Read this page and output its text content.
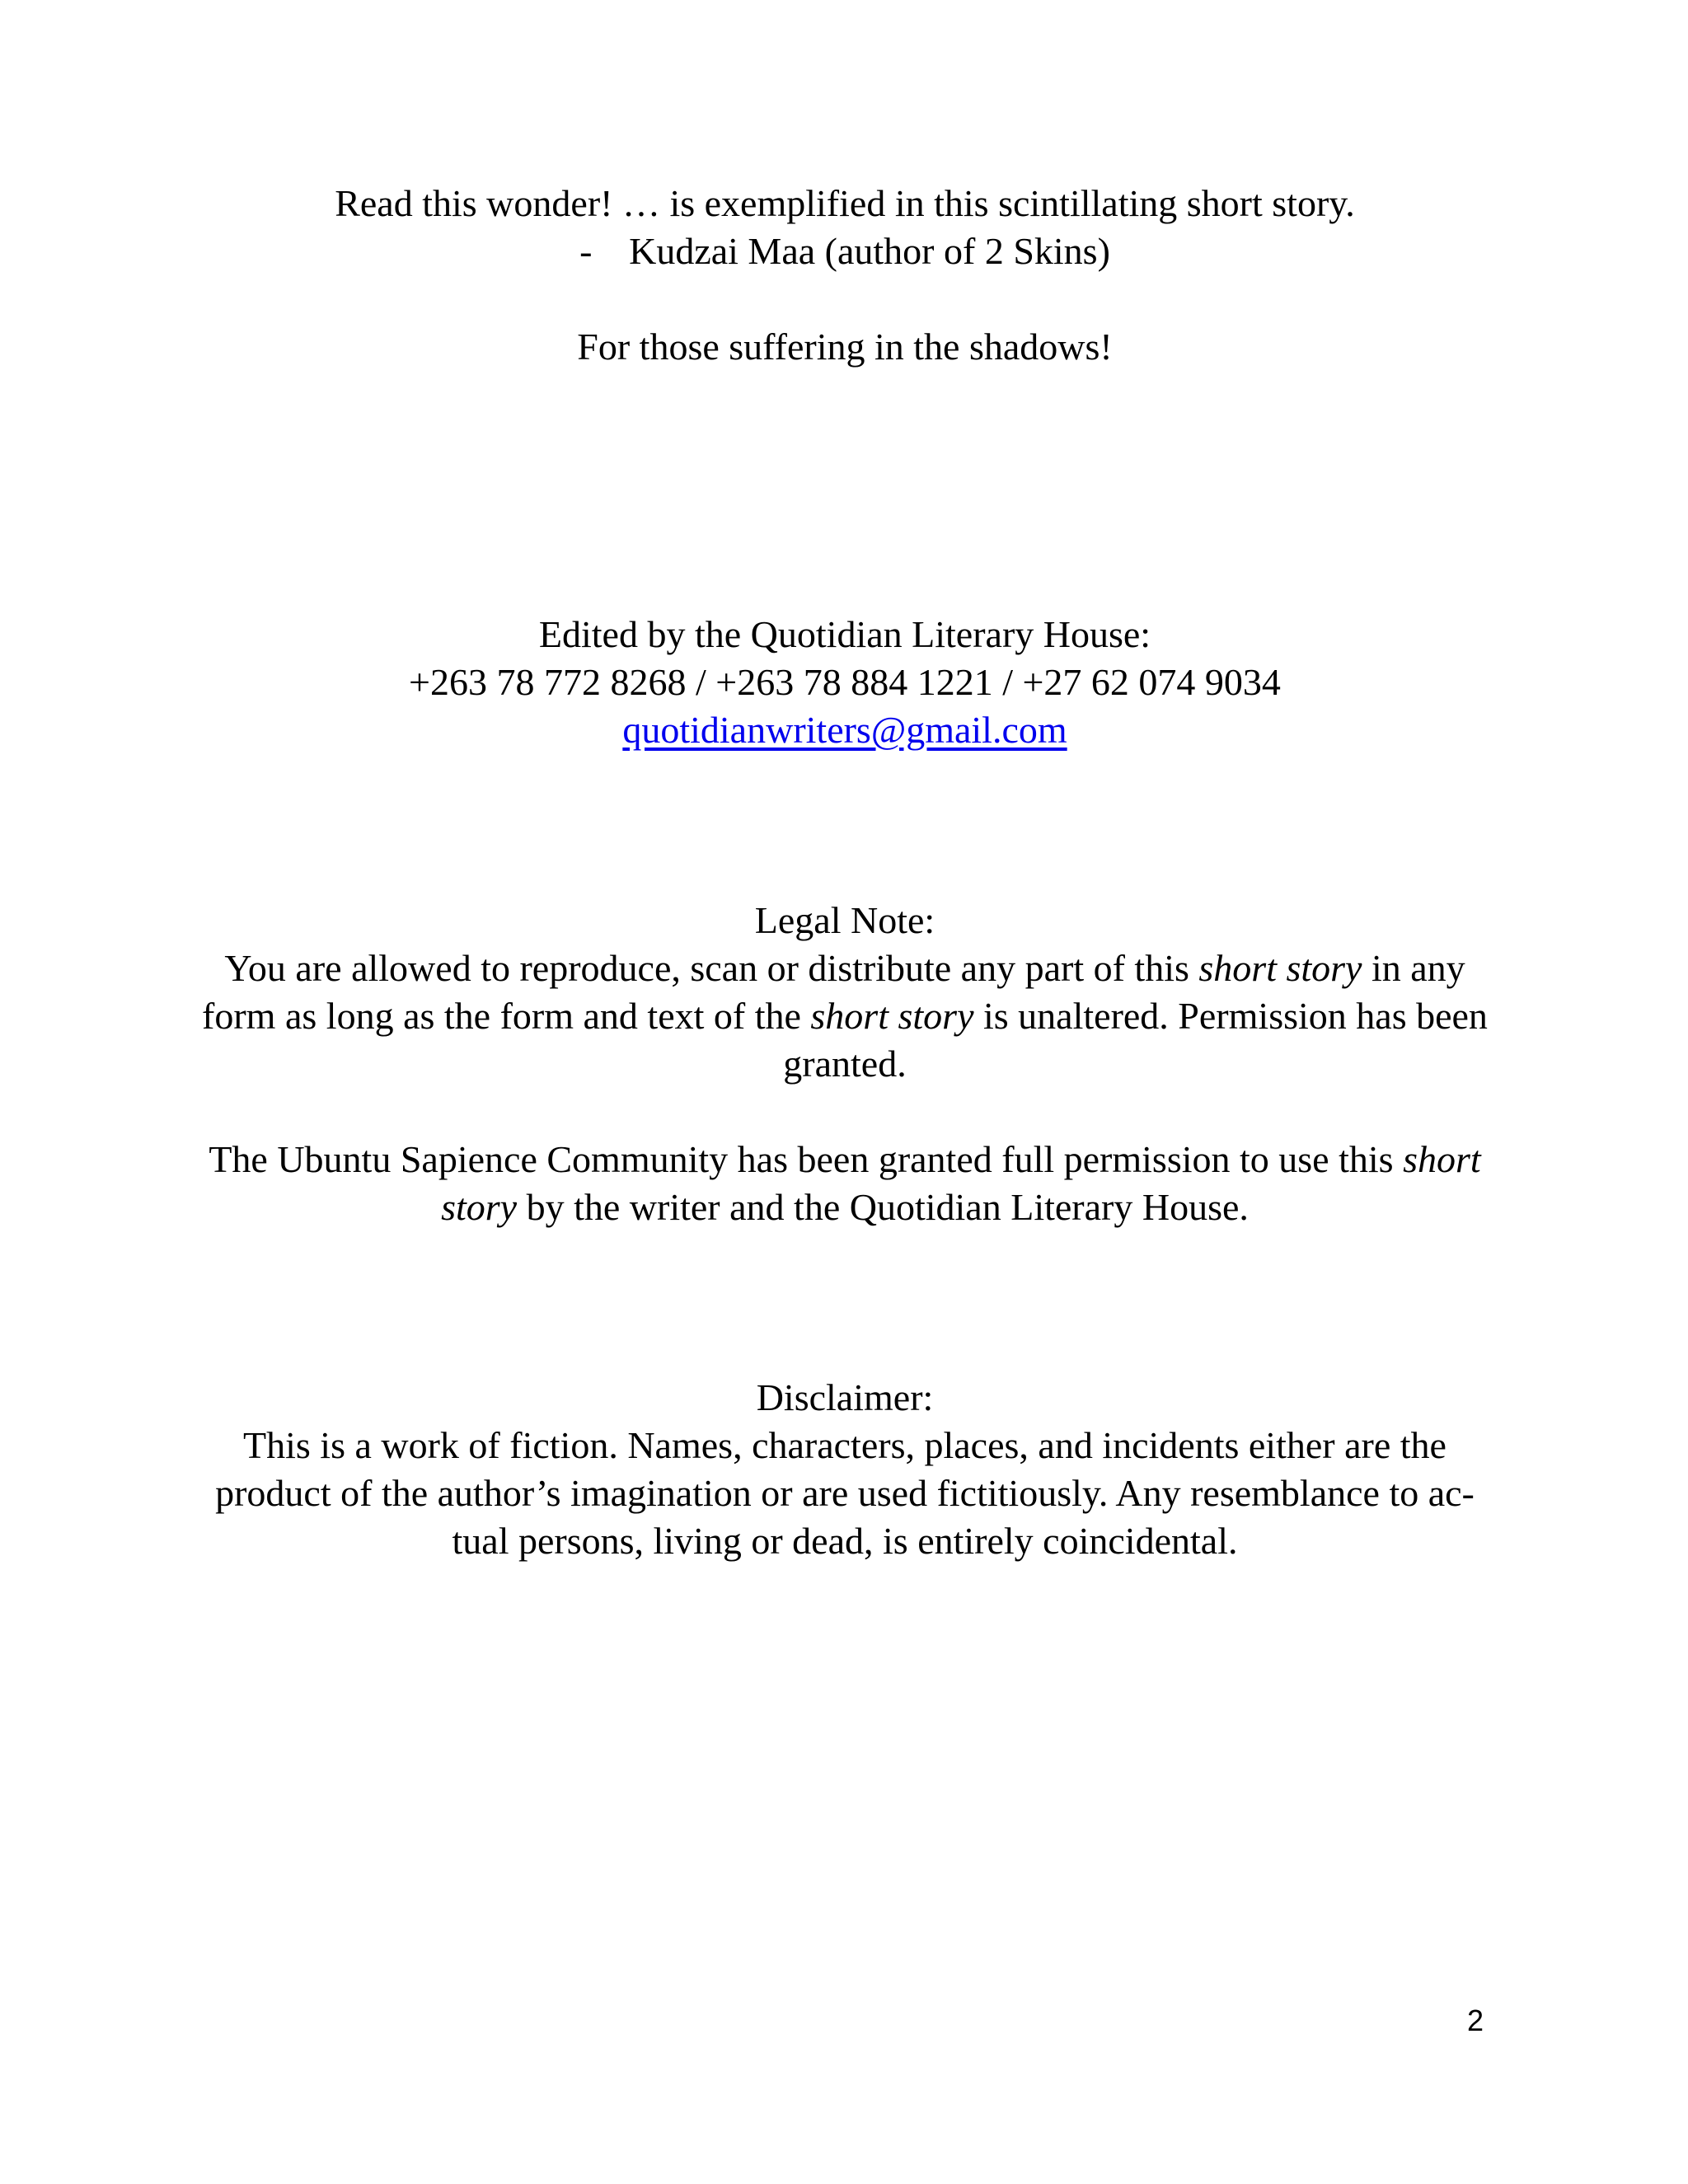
Read this wonder! … is exemplified in this scintillating short story.

- Kudzai Maa (author of 2 Skins)

For those suffering in the shadows!

Edited by the Quotidian Literary House:

+263 78 772 8268 / +263 78 884 1221 / +27 62 074 9034

quotidianwriters@gmail.com

Legal Note:

You are allowed to reproduce, scan or distribute any part of this short story in any form as long as the form and text of the short story is unaltered. Permission has been granted.

The Ubuntu Sapience Community has been granted full permission to use this short story by the writer and the Quotidian Literary House.

Disclaimer:

This is a work of fiction. Names, characters, places, and incidents either are the product of the author’s imagination or are used fictitiously. Any resemblance to ac-tual persons, living or dead, is entirely coincidental.

2
